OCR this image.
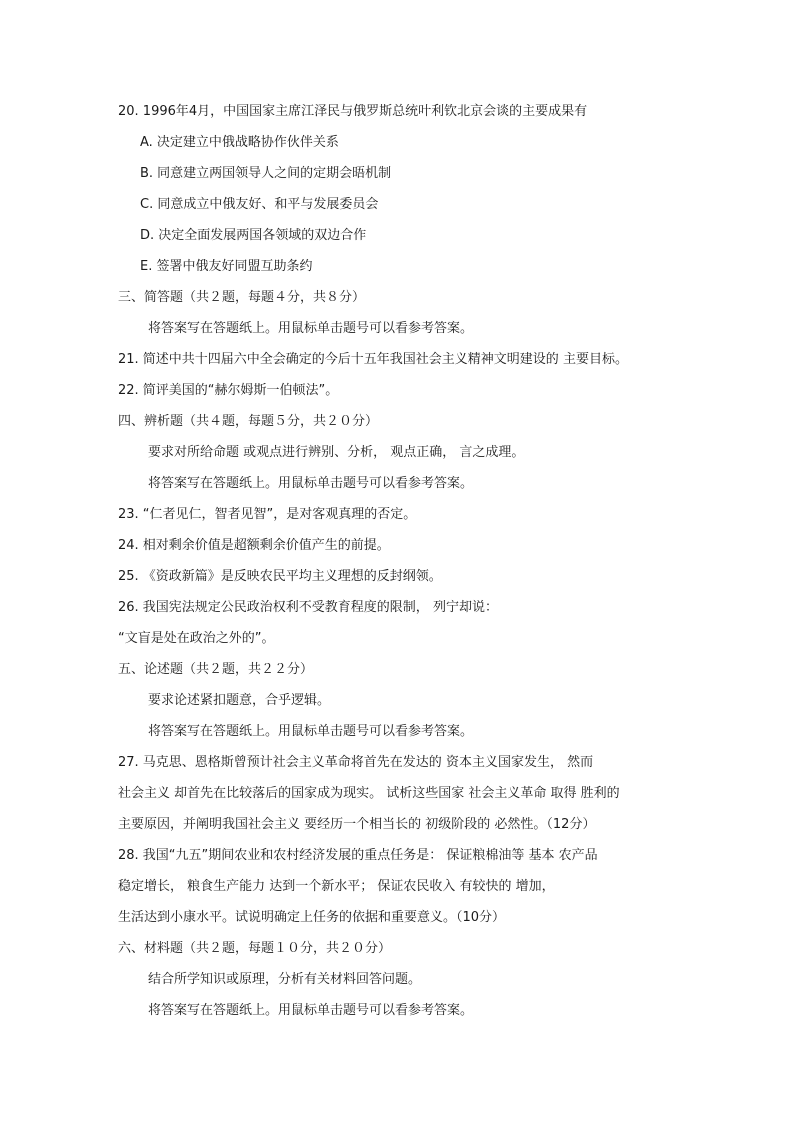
20. 1996年4月，中国国家主席江泽民与俄罗斯总统叶利钦北京会谈的主要成果有
A. 决定建立中俄战略协作伙伴关系
B. 同意建立两国领导人之间的定期会晤机制
C. 同意成立中俄友好、和平与发展委员会
D. 决定全面发展两国各领域的双边合作
E. 签署中俄友好同盟互助条约
三、简答题（共２题，每题４分，共８分）
将答案写在答题纸上。用鼠标单击题号可以看参考答案。
21. 简述中共十四届六中全会确定的今后十五年我国社会主义精神文明建设的 主要目标。
22. 简评美国的“赫尔姆斯一伯顿法”。
四、辨析题（共４题，每题５分，共２０分）
要求对所给命题 或观点进行辨别、分析， 观点正确， 言之成理。
将答案写在答题纸上。用鼠标单击题号可以看参考答案。
23. “仁者见仁，智者见智”，是对客观真理的否定。
24. 相对剩余价值是超额剩余价值产生的前提。
25. 《资政新篇》是反映农民平均主义理想的反封纲领。
26. 我国宪法规定公民政治权利不受教育程度的限制， 列宁却说：
“文盲是处在政治之外的”。
五、论述题（共２题，共２２分）
要求论述紧扣题意，合乎逻辑。
将答案写在答题纸上。用鼠标单击题号可以看参考答案。
27. 马克思、恩格斯曾预计社会主义革命将首先在发达的 资本主义国家发生， 然而
社会主义 却首先在比较落后的国家成为现实。 试析这些国家 社会主义革命 取得 胜利的
主要原因，并阐明我国社会主义 要经历一个相当长的 初级阶段的 必然性。（12分）
28. 我国“九五”期间农业和农村经济发展的重点任务是： 保证粮棉油等 基本 农产品
稳定增长， 粮食生产能力 达到一个新水平； 保证农民收入 有较快的 增加，
生活达到小康水平。试说明确定上任务的依据和重要意义。（10分）
六、材料题（共２题，每题１０分，共２０分）
结合所学知识或原理，分析有关材料回答问题。
将答案写在答题纸上。用鼠标单击题号可以看参考答案。
